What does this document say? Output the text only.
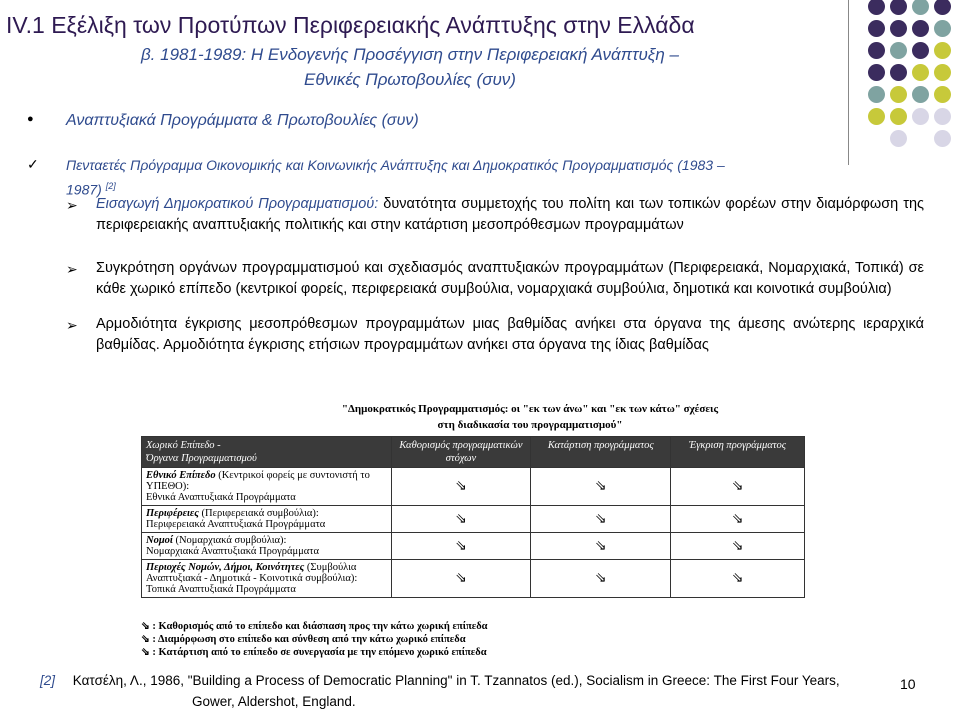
IV.1 Εξέλιξη των Προτύπων Περιφερειακής Ανάπτυξης στην Ελλάδα
β. 1981-1989: Η Ενδογενής Προσέγγιση στην Περιφερειακή Ανάπτυξη –
Εθνικές Πρωτοβουλίες (συν)
● Αναπτυξιακά Προγράμματα & Πρωτοβουλίες (συν)
✓ Πενταετές Πρόγραμμα Οικονομικής και Κοινωνικής Ανάπτυξης και Δημοκρατικός Προγραμματισμός (1983 –
1987) [2]
➢ Εισαγωγή Δημοκρατικού Προγραμματισμού: δυνατότητα συμμετοχής του πολίτη και των τοπικών φορέων στην διαμόρφωση της περιφερειακής αναπτυξιακής πολιτικής και στην κατάρτιση μεσοπρόθεσμων προγραμμάτων
➢ Συγκρότηση οργάνων προγραμματισμού και σχεδιασμός αναπτυξιακών προγραμμάτων (Περιφερειακά, Νομαρχιακά, Τοπικά) σε κάθε χωρικό επίπεδο (κεντρικοί φορείς, περιφερειακά συμβούλια, νομαρχιακά συμβούλια, δημοτικά και κοινοτικά συμβούλια)
➢ Αρμοδιότητα έγκρισης μεσοπρόθεσμων προγραμμάτων μιας βαθμίδας ανήκει στα όργανα της άμεσης ανώτερης ιεραρχικά βαθμίδας. Αρμοδιότητα έγκρισης ετήσιων προγραμμάτων ανήκει στα όργανα της ίδιας βαθμίδας
"Δημοκρατικός Προγραμματισμός: οι "εκ των άνω" και "εκ των κάτω" σχέσεις
στη διαδικασία του προγραμματισμού"
Χωρικό Επίπεδο -
Όργανα Προγραμματισμού	Καθορισμός προγραμματικών στόχων	Κατάρτιση προγράμματος	Έγκριση προγράμματος
Εθνικό Επίπεδο (Κεντρικοί φορείς με συντονιστή το ΥΠΕΘΟ):
Εθνικά Αναπτυξιακά Προγράμματα	⇘	⇘	⇘
Περιφέρειες (Περιφερειακά συμβούλια):
Περιφερειακά Αναπτυξιακά Προγράμματα	⇘	⇘	⇘
Νομοί (Νομαρχιακά συμβούλια):
Νομαρχιακά Αναπτυξιακά Προγράμματα	⇘	⇘	⇘
Περιοχές Νομών, Δήμοι, Κοινότητες (Συμβούλια Αναπτυξιακά - Δημοτικά - Κοινοτικά συμβούλια):
Τοπικά Αναπτυξιακά Προγράμματα	⇘	⇘	⇘
⇘ : Καθορισμός από το επίπεδο και διάσπαση προς την κάτω χωρική επίπεδα
⇘ : Διαμόρφωση στο επίπεδο και σύνθεση από την κάτω χωρικό επίπεδα
⇘ : Κατάρτιση από το επίπεδο σε συνεργασία με την επόμενο χωρικό επίπεδα
[2] Κατσέλη, Λ., 1986, "Building a Process of Democratic Planning" in T. Tzannatos (ed.), Socialism in Greece: The First Four Years,
Gower, Aldershot, England.
10
